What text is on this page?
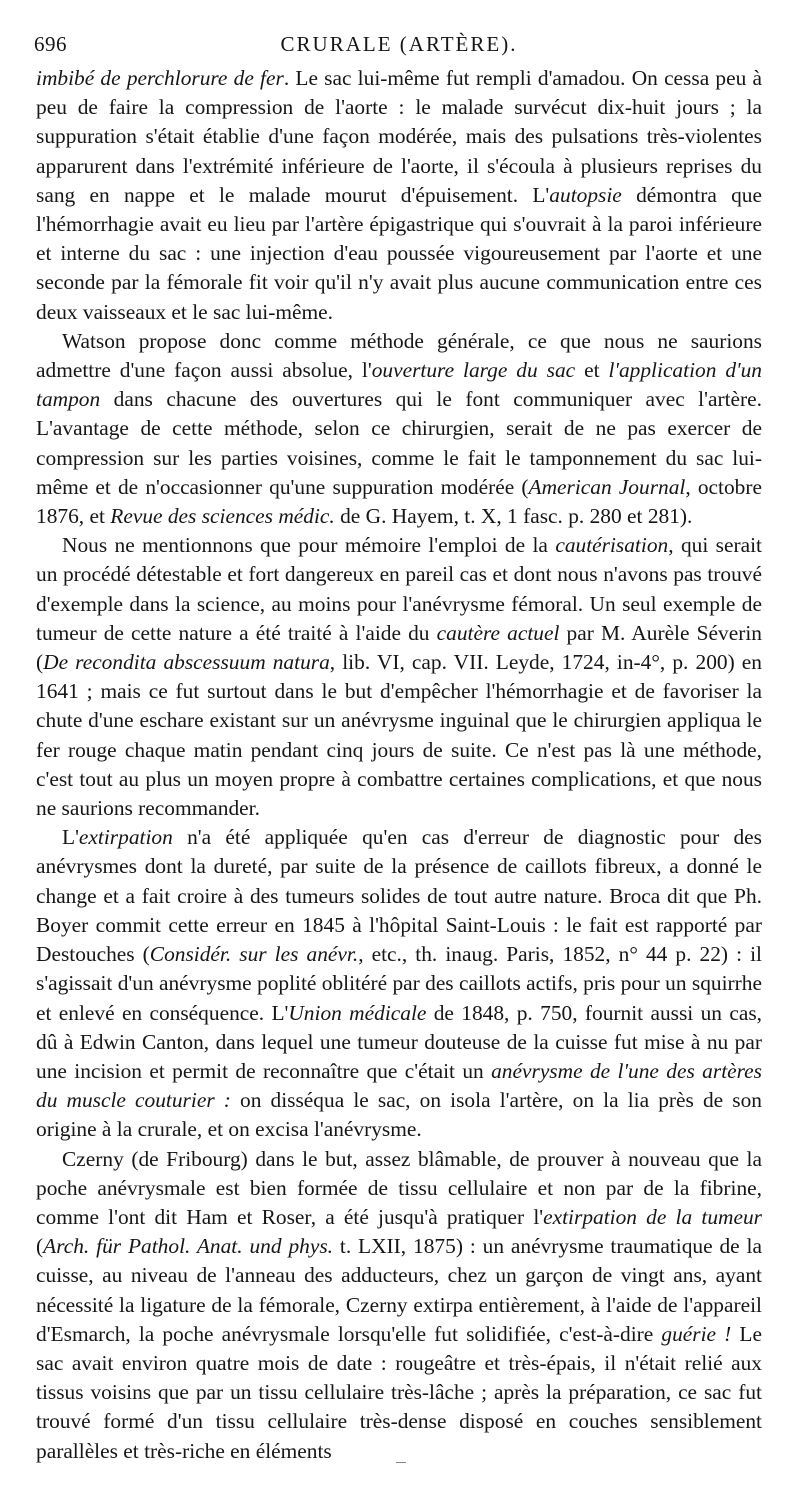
696	CRURALE (ARTÈRE).

imbibé de perchlorure de fer. Le sac lui-même fut rempli d'amadou. On cessa peu à peu de faire la compression de l'aorte : le malade survécut dix-huit jours ; la suppuration s'était établie d'une façon modérée, mais des pulsations très-violentes apparurent dans l'extrémité inférieure de l'aorte, il s'écoula à plusieurs reprises du sang en nappe et le malade mourut d'épuisement. L'autopsie démontra que l'hémorrhagie avait eu lieu par l'artère épigastrique qui s'ouvrait à la paroi inférieure et interne du sac : une injection d'eau poussée vigoureusement par l'aorte et une seconde par la fémorale fit voir qu'il n'y avait plus aucune communication entre ces deux vaisseaux et le sac lui-même.

Watson propose donc comme méthode générale, ce que nous ne saurions admettre d'une façon aussi absolue, l'ouverture large du sac et l'application d'un tampon dans chacune des ouvertures qui le font communiquer avec l'artère. L'avantage de cette méthode, selon ce chirurgien, serait de ne pas exercer de compression sur les parties voisines, comme le fait le tamponnement du sac lui-même et de n'occasionner qu'une suppuration modérée (American Journal, octobre 1876, et Revue des sciences médic. de G. Hayem, t. X, 1 fasc. p. 280 et 281).

Nous ne mentionnons que pour mémoire l'emploi de la cautérisation, qui serait un procédé détestable et fort dangereux en pareil cas et dont nous n'avons pas trouvé d'exemple dans la science, au moins pour l'anévrysme fémoral. Un seul exemple de tumeur de cette nature a été traité à l'aide du cautère actuel par M. Aurèle Séverin (De recondita abscessuum natura, lib. VI, cap. VII. Leyde, 1724, in-4°, p. 200) en 1641 ; mais ce fut surtout dans le but d'empêcher l'hémorrhagie et de favoriser la chute d'une eschare existant sur un anévrysme inguinal que le chirurgien appliqua le fer rouge chaque matin pendant cinq jours de suite. Ce n'est pas là une méthode, c'est tout au plus un moyen propre à combattre certaines complications, et que nous ne saurions recommander.

L'extirpation n'a été appliquée qu'en cas d'erreur de diagnostic pour des anévrysmes dont la dureté, par suite de la présence de caillots fibreux, a donné le change et a fait croire à des tumeurs solides de tout autre nature. Broca dit que Ph. Boyer commit cette erreur en 1845 à l'hôpital Saint-Louis : le fait est rapporté par Destouches (Considér. sur les anévr., etc., th. inaug. Paris, 1852, n° 44 p. 22) : il s'agissait d'un anévrysme poplité oblitéré par des caillots actifs, pris pour un squirrhe et enlevé en conséquence. L'Union médicale de 1848, p. 750, fournit aussi un cas, dû à Edwin Canton, dans lequel une tumeur douteuse de la cuisse fut mise à nu par une incision et permit de reconnaître que c'était un anévrysme de l'une des artères du muscle couturier : on disséqua le sac, on isola l'artère, on la lia près de son origine à la crurale, et on excisa l'anévrysme.

Czerny (de Fribourg) dans le but, assez blâmable, de prouver à nouveau que la poche anévrysmale est bien formée de tissu cellulaire et non par de la fibrine, comme l'ont dit Ham et Roser, a été jusqu'à pratiquer l'extirpation de la tumeur (Arch. für Pathol. Anat. und phys. t. LXII, 1875) : un anévrysme traumatique de la cuisse, au niveau de l'anneau des adducteurs, chez un garçon de vingt ans, ayant nécessité la ligature de la fémorale, Czerny extirpa entièrement, à l'aide de l'appareil d'Esmarch, la poche anévrysmale lorsqu'elle fut solidifiée, c'est-à-dire guérie ! Le sac avait environ quatre mois de date : rougeâtre et très-épais, il n'était relié aux tissus voisins que par un tissu cellulaire très-lâche ; après la préparation, ce sac fut trouvé formé d'un tissu cellulaire très-dense disposé en couches sensiblement parallèles et très-riche en éléments
